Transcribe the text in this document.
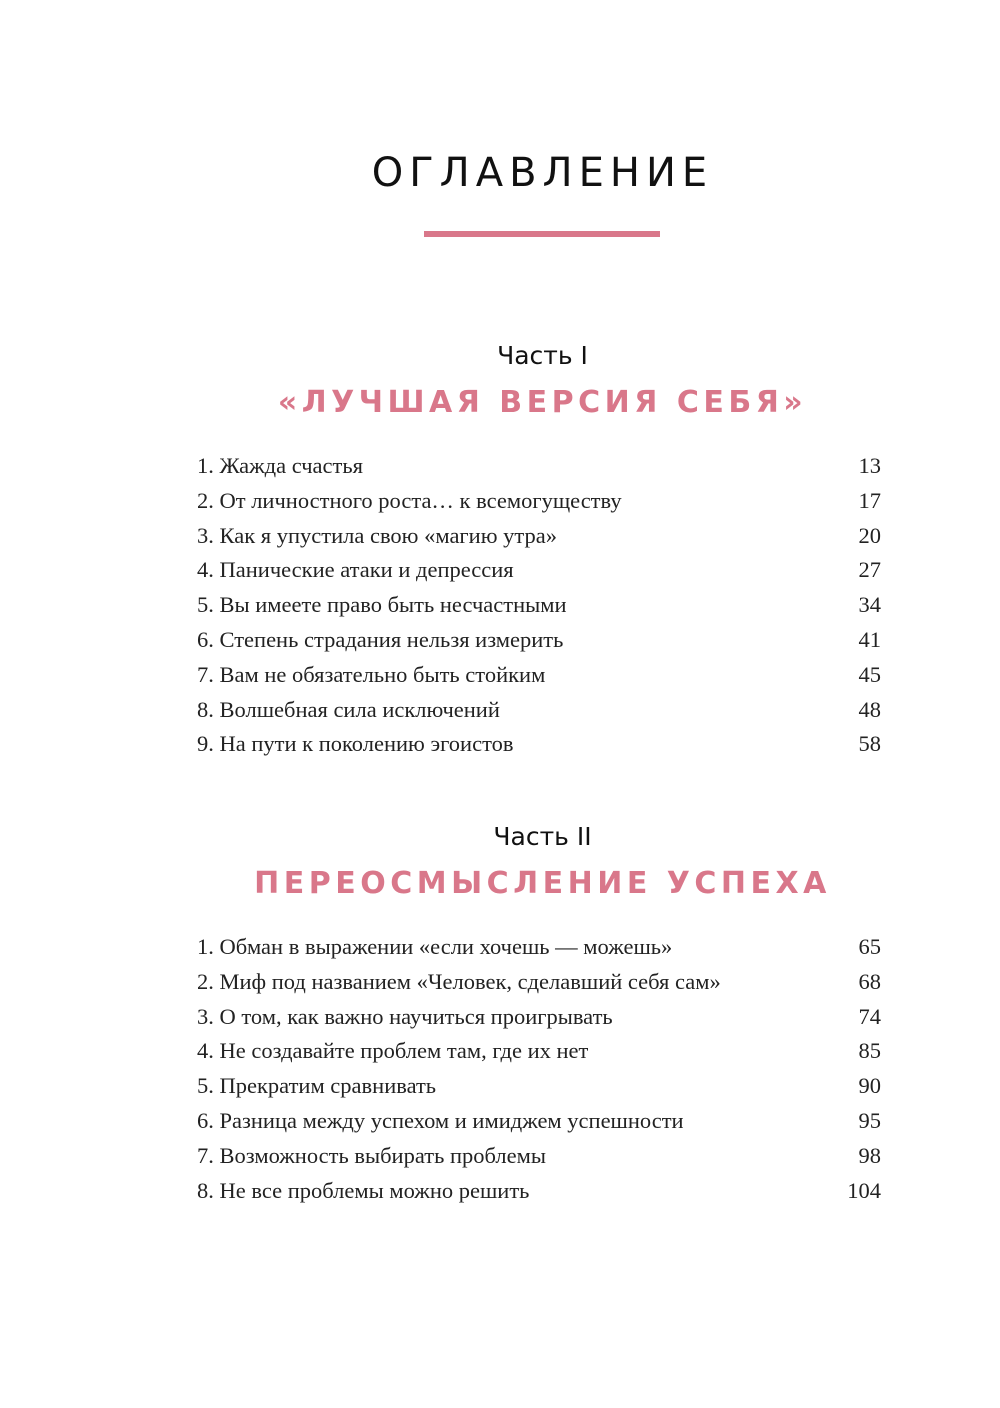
ОГЛАВЛЕНИЕ
Часть I
«ЛУЧШАЯ ВЕРСИЯ СЕБЯ»
1. Жажда счастья	13
2. От личностного роста… к всемогуществу	17
3. Как я упустила свою «магию утра»	20
4. Панические атаки и депрессия	27
5. Вы имеете право быть несчастными	34
6. Степень страдания нельзя измерить	41
7. Вам не обязательно быть стойким	45
8. Волшебная сила исключений	48
9. На пути к поколению эгоистов	58
Часть II
ПЕРЕОСМЫСЛЕНИЕ УСПЕХА
1. Обман в выражении «если хочешь — можешь»	65
2. Миф под названием «Человек, сделавший себя сам»	68
3. О том, как важно научиться проигрывать	74
4. Не создавайте проблем там, где их нет	85
5. Прекратим сравнивать	90
6. Разница между успехом и имиджем успешности	95
7. Возможность выбирать проблемы	98
8. Не все проблемы можно решить	104
